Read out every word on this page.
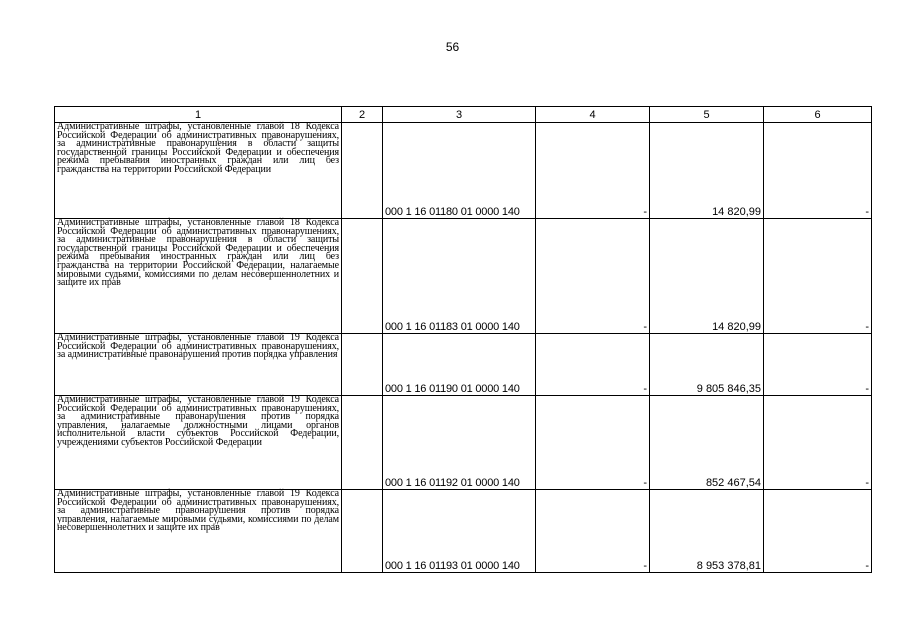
56
1	2	3	4	5	6
Административные штрафы, установленные главой 18 Кодекса Российской Федерации об административных правонарушениях, за административные правонарушения в области защиты государственной границы Российской Федерации и обеспечения режима пребывания иностранных граждан или лиц без гражданства на территории Российской Федерации		000 1 16 01180 01 0000 140	-	14 820,99	-
Административные штрафы, установленные главой 18 Кодекса Российской Федерации об административных правонарушениях, за административные правонарушения в области защиты государственной границы Российской Федерации и обеспечения режима пребывания иностранных граждан или лиц без гражданства на территории Российской Федерации, налагаемые мировыми судьями, комиссиями по делам несовершеннолетних и защите их прав		000 1 16 01183 01 0000 140	-	14 820,99	-
Административные штрафы, установленные главой 19 Кодекса Российской Федерации об административных правонарушениях, за административные правонарушения против порядка управления		000 1 16 01190 01 0000 140	-	9 805 846,35	-
Административные штрафы, установленные главой 19 Кодекса Российской Федерации об административных правонарушениях, за административные правонарушения против порядка управления, налагаемые должностными лицами органов исполнительной власти субъектов Российской Федерации, учреждениями субъектов Российской Федерации		000 1 16 01192 01 0000 140	-	852 467,54	-
Административные штрафы, установленные главой 19 Кодекса Российской Федерации об административных правонарушениях, за административные правонарушения против порядка управления, налагаемые мировыми судьями, комиссиями по делам несовершеннолетних и защите их прав		000 1 16 01193 01 0000 140	-	8 953 378,81	-
